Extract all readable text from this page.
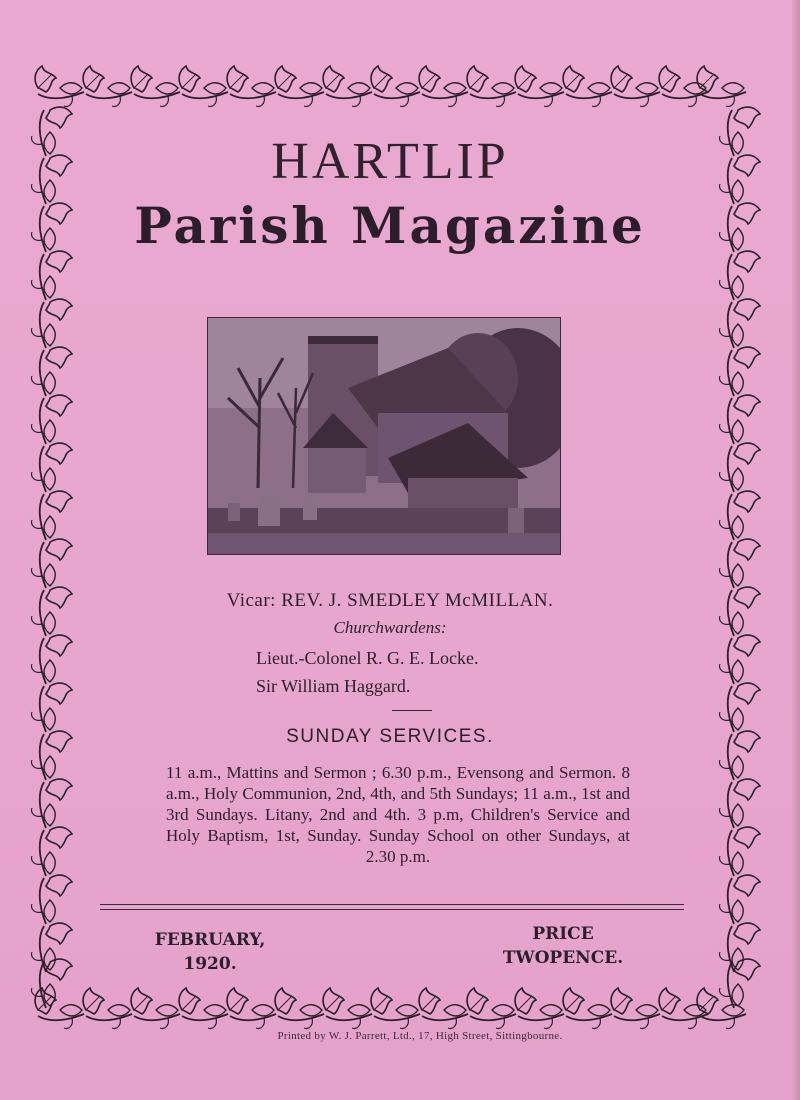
HARTLIP
Parish Magazine
Vicar: REV. J. SMEDLEY McMILLAN.
Churchwardens:
Lieut.-Colonel R. G. E. Locke.
Sir William Haggard.
SUNDAY SERVICES.
11 a.m., Mattins and Sermon ; 6.30 p.m., Evensong and Sermon. 8 a.m., Holy Communion, 2nd, 4th, and 5th Sundays; 11 a.m., 1st and 3rd Sundays. Litany, 2nd and 4th. 3 p.m, Children's Service and Holy Baptism, 1st, Sunday. Sunday School on other Sundays, at 2.30 p.m.
FEBRUARY,
1920.
PRICE
TWOPENCE.
Printed by W. J. Parrett, Ltd., 17, High Street, Sittingbourne.
